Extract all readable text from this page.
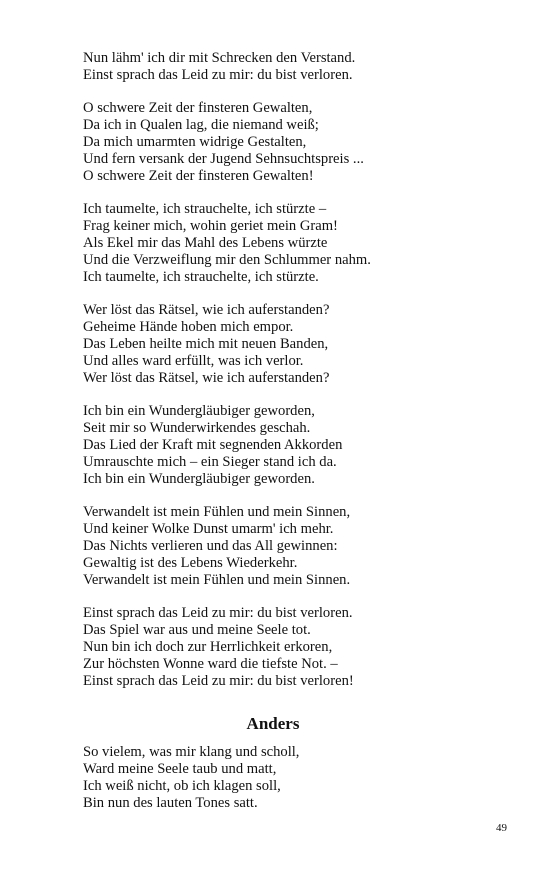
Nun lähm' ich dir mit Schrecken den Verstand.
Einst sprach das Leid zu mir: du bist verloren.
O schwere Zeit der finsteren Gewalten,
Da ich in Qualen lag, die niemand weiß;
Da mich umarmten widrige Gestalten,
Und fern versank der Jugend Sehnsuchtspreis ...
O schwere Zeit der finsteren Gewalten!
Ich taumelte, ich strauchelte, ich stürzte –
Frag keiner mich, wohin geriet mein Gram!
Als Ekel mir das Mahl des Lebens würzte
Und die Verzweiflung mir den Schlummer nahm.
Ich taumelte, ich strauchelte, ich stürzte.
Wer löst das Rätsel, wie ich auferstanden?
Geheime Hände hoben mich empor.
Das Leben heilte mich mit neuen Banden,
Und alles ward erfüllt, was ich verlor.
Wer löst das Rätsel, wie ich auferstanden?
Ich bin ein Wundergläubiger geworden,
Seit mir so Wunderwirkendes geschah.
Das Lied der Kraft mit segnenden Akkorden
Umrauschte mich – ein Sieger stand ich da.
Ich bin ein Wundergläubiger geworden.
Verwandelt ist mein Fühlen und mein Sinnen,
Und keiner Wolke Dunst umarm' ich mehr.
Das Nichts verlieren und das All gewinnen:
Gewaltig ist des Lebens Wiederkehr.
Verwandelt ist mein Fühlen und mein Sinnen.
Einst sprach das Leid zu mir: du bist verloren.
Das Spiel war aus und meine Seele tot.
Nun bin ich doch zur Herrlichkeit erkoren,
Zur höchsten Wonne ward die tiefste Not. –
Einst sprach das Leid zu mir: du bist verloren!
Anders
So vielem, was mir klang und scholl,
Ward meine Seele taub und matt,
Ich weiß nicht, ob ich klagen soll,
Bin nun des lauten Tones satt.
49
